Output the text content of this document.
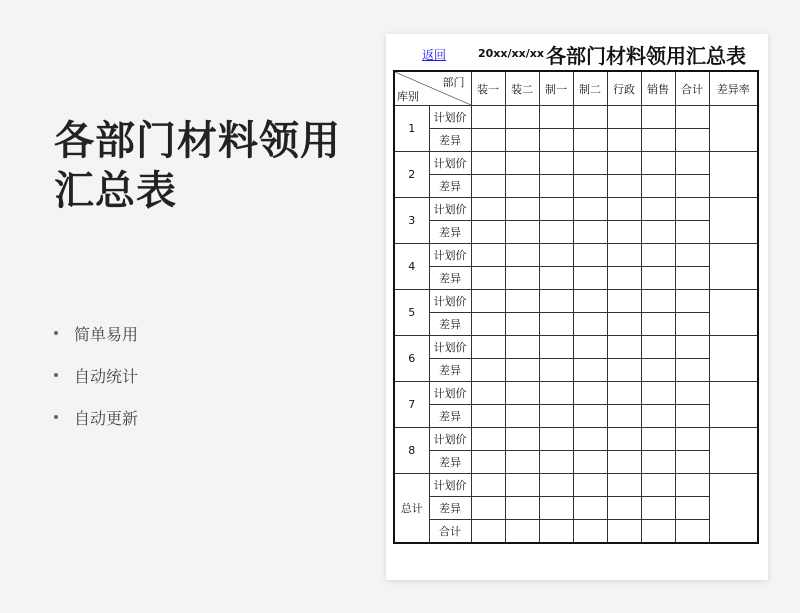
各部门材料领用
汇总表
简单易用
自动统计
自动更新
返回	20xx/xx/xx 各部门材料领用汇总表
部门
库别		装一	装二	制一	制二	行政	销售	合计	差异率
1	计划价								
	差异								
2	计划价								
	差异								
3	计划价								
	差异								
4	计划价								
	差异								
5	计划价								
	差异								
6	计划价								
	差异								
7	计划价								
	差异								
8	计划价								
	差异								
总计	计划价								
	差异								
	合计								
